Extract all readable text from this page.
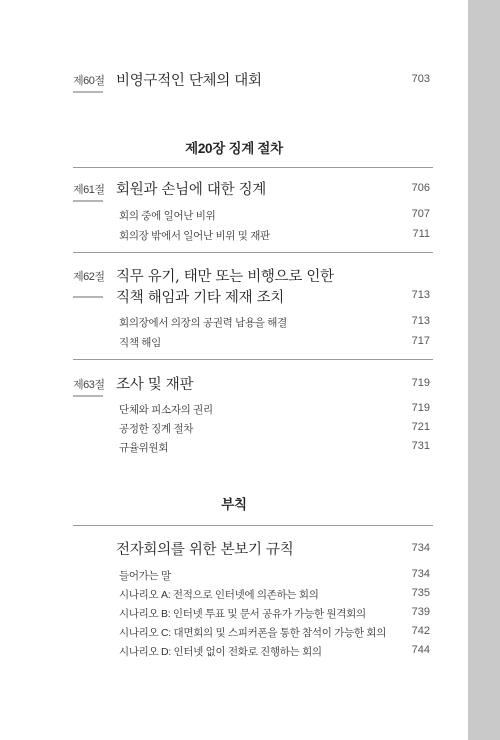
제60절 비영구적인 단체의 대회	703
제20장 징계 절차
제61절 회원과 손님에 대한 징계	706
회의 중에 일어난 비위	707
회의장 밖에서 일어난 비위 및 재판	711
제62절 직무 유기, 태만 또는 비행으로 인한
직책 해임과 기타 제재 조치	713
회의장에서 의장의 공권력 남용을 해결	713
직책 해임	717
제63절 조사 및 재판	719
단체와 피소자의 권리	719
공정한 징계 절차	721
규율위원회	731
부칙
전자회의를 위한 본보기 규칙	734
들어가는 말	734
시나리오 A: 전적으로 인터넷에 의존하는 회의	735
시나리오 B: 인터넷 투표 및 문서 공유가 가능한 원격회의	739
시나리오 C: 대면회의 및 스피커폰을 통한 참석이 가능한 회의 742
시나리오 D: 인터넷 없이 전화로 진행하는 회의	744
